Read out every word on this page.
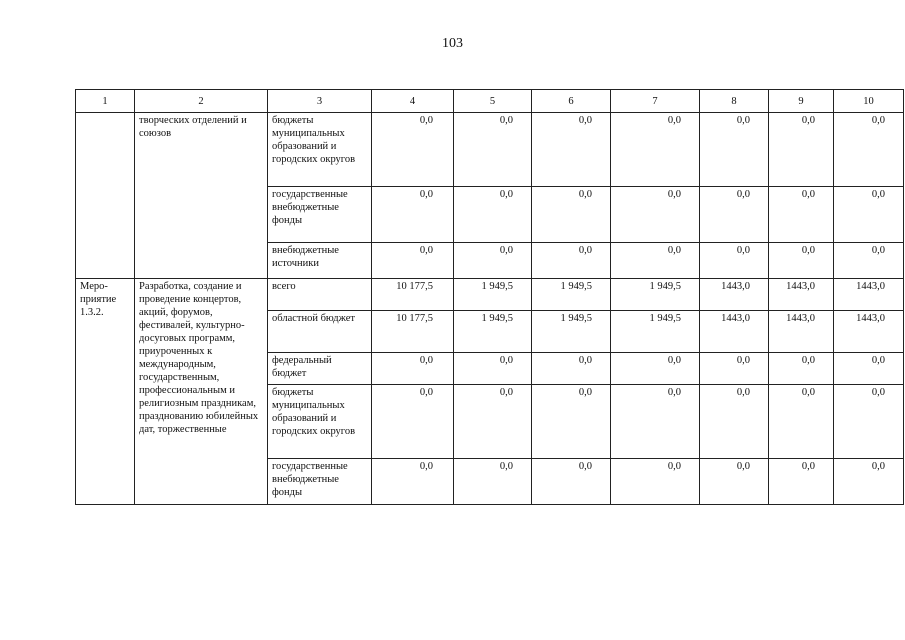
103
1	2	3	4	5	6	7	8	9	10
	творческих отделений и союзов	бюджеты муниципальных образований и городских округов	0,0	0,0	0,0	0,0	0,0	0,0	0,0
		государственные внебюджетные фонды	0,0	0,0	0,0	0,0	0,0	0,0	0,0
		внебюджетные источники	0,0	0,0	0,0	0,0	0,0	0,0	0,0
Меро- приятие 1.3.2.	Разработка, создание и проведение концертов, акций, форумов, фестивалей, культурно-досуговых программ, приуроченных к международным, государственным, профессиональным и религиозным праздникам, празднованию юбилейных дат, торжественные	всего	10 177,5	1 949,5	1 949,5	1 949,5	1443,0	1443,0	1443,0
		областной бюджет	10 177,5	1 949,5	1 949,5	1 949,5	1443,0	1443,0	1443,0
		федеральный бюджет	0,0	0,0	0,0	0,0	0,0	0,0	0,0
		бюджеты муниципальных образований и городских округов	0,0	0,0	0,0	0,0	0,0	0,0	0,0
		государственные внебюджетные фонды	0,0	0,0	0,0	0,0	0,0	0,0	0,0
